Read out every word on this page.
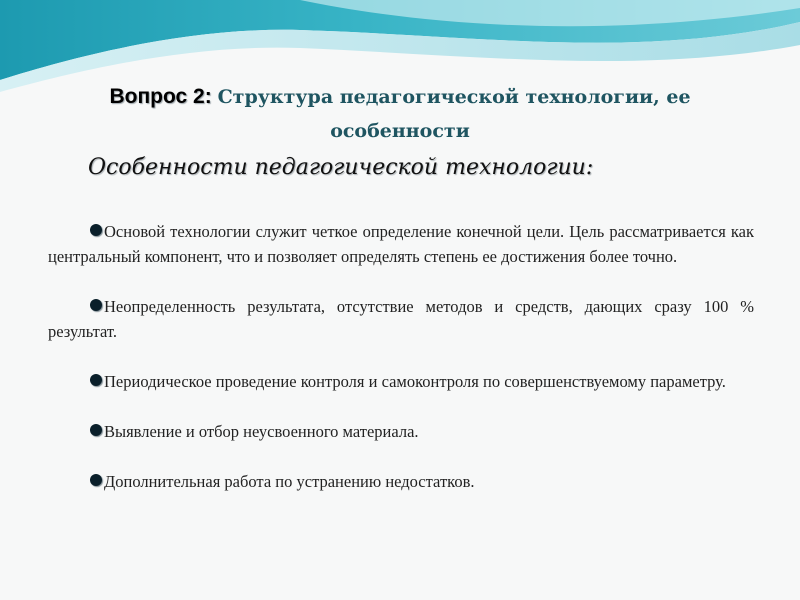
Вопрос 2: Структура педагогической технологии, ее особенности
Особенности педагогической технологии:

Основой технологии служит четкое определение конечной цели. Цель рассматривается как центральный компонент, что и позволяет определять степень ее достижения более точно.

Неопределенность результата, отсутствие методов и средств, дающих сразу 100 % результат.

Периодическое проведение контроля и самоконтроля по совершенствуемому параметру.

Выявление и отбор неусвоенного материала.

Дополнительная работа по устранению недостатков.
